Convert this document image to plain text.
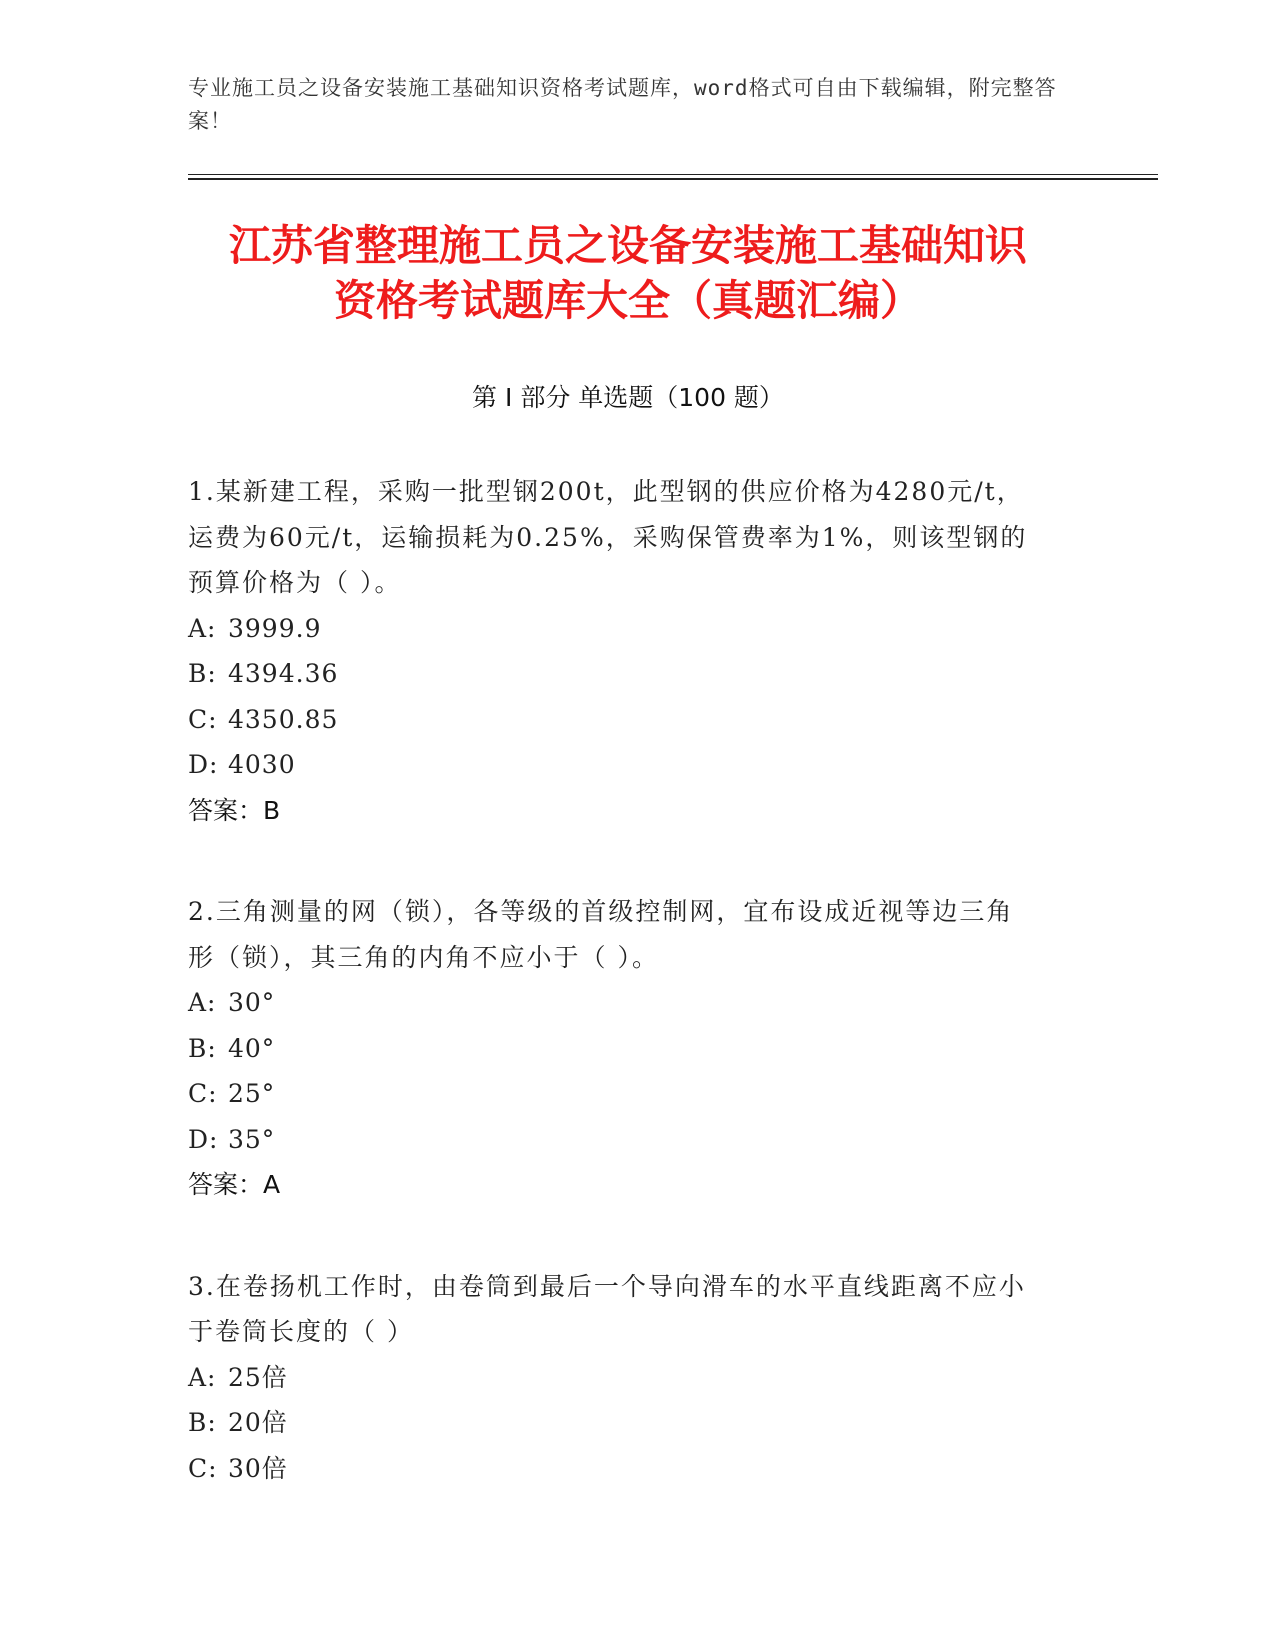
专业施工员之设备安装施工基础知识资格考试题库，word格式可自由下载编辑，附完整答案！
江苏省整理施工员之设备安装施工基础知识
资格考试题库大全（真题汇编）
第 I 部分 单选题（100 题）
1.某新建工程，采购一批型钢200t，此型钢的供应价格为4280元/t，运费为60元/t，运输损耗为0.25%，采购保管费率为1%，则该型钢的预算价格为（ ）。
A: 3999.9
B: 4394.36
C: 4350.85
D: 4030
答案：B
2.三角测量的网（锁），各等级的首级控制网，宜布设成近视等边三角形（锁），其三角的内角不应小于（ ）。
A: 30°
B: 40°
C: 25°
D: 35°
答案：A
3.在卷扬机工作时，由卷筒到最后一个导向滑车的水平直线距离不应小于卷筒长度的（ ）
A: 25倍
B: 20倍
C: 30倍
